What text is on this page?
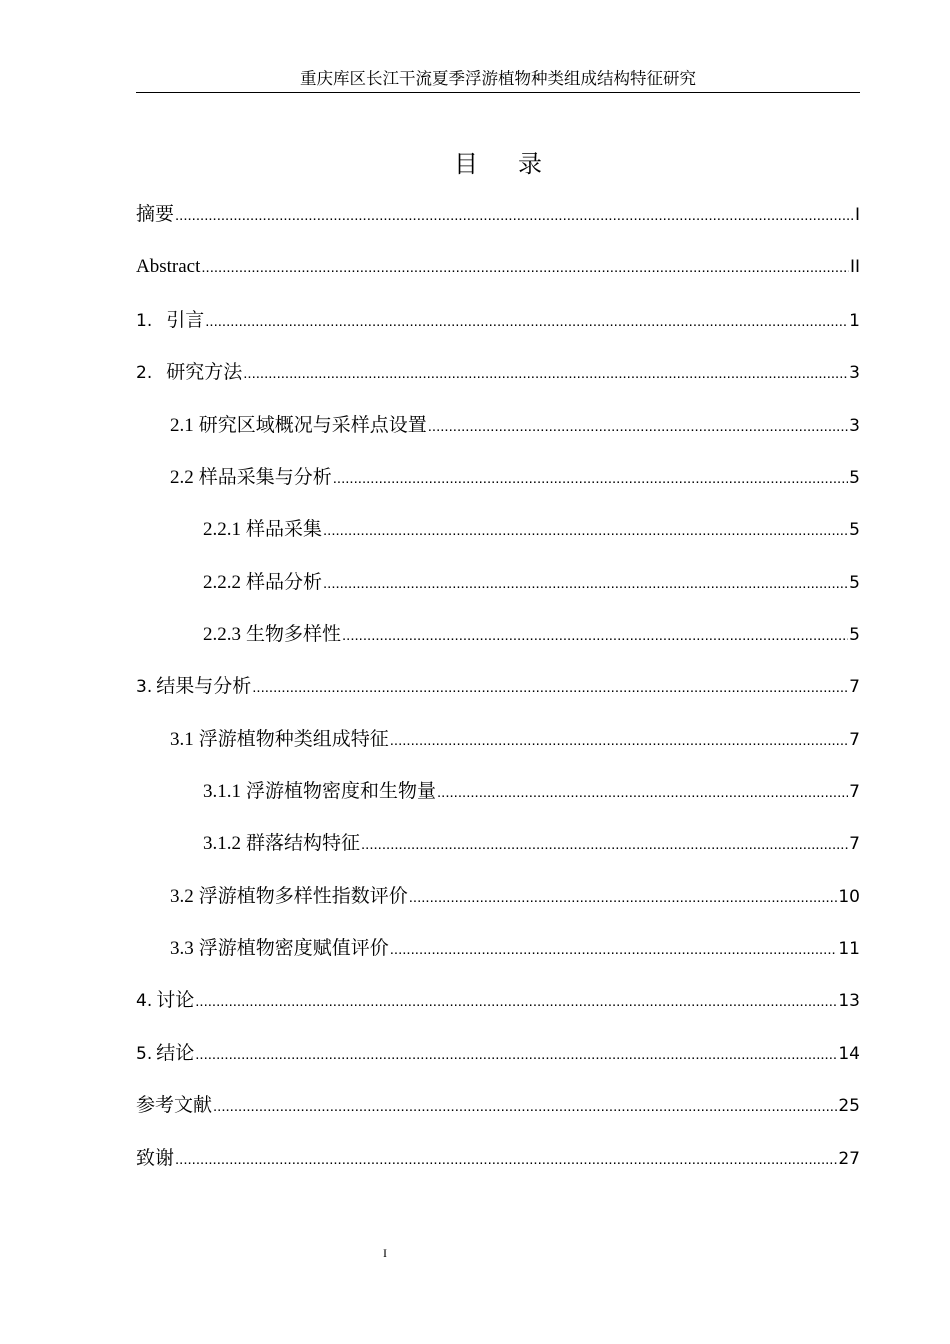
重庆库区长江干流夏季浮游植物种类组成结构特征研究
目录
摘要 .....	I
Abstract .....	II
1. 引言 .....	1
2. 研究方法 .....	3
2.1 研究区域概况与采样点设置 .....	3
2.2 样品采集与分析 .....	5
2.2.1 样品采集 .....	5
2.2.2 样品分析 .....	5
2.2.3 生物多样性 .....	5
3. 结果与分析 .....	7
3.1 浮游植物种类组成特征 .....	7
3.1.1 浮游植物密度和生物量 .....	7
3.1.2 群落结构特征 .....	7
3.2 浮游植物多样性指数评价 .....	10
3.3 浮游植物密度赋值评价 .....	11
4. 讨论 .....	13
5. 结论 .....	14
参考文献 .....	25
致谢 .....	27
I
